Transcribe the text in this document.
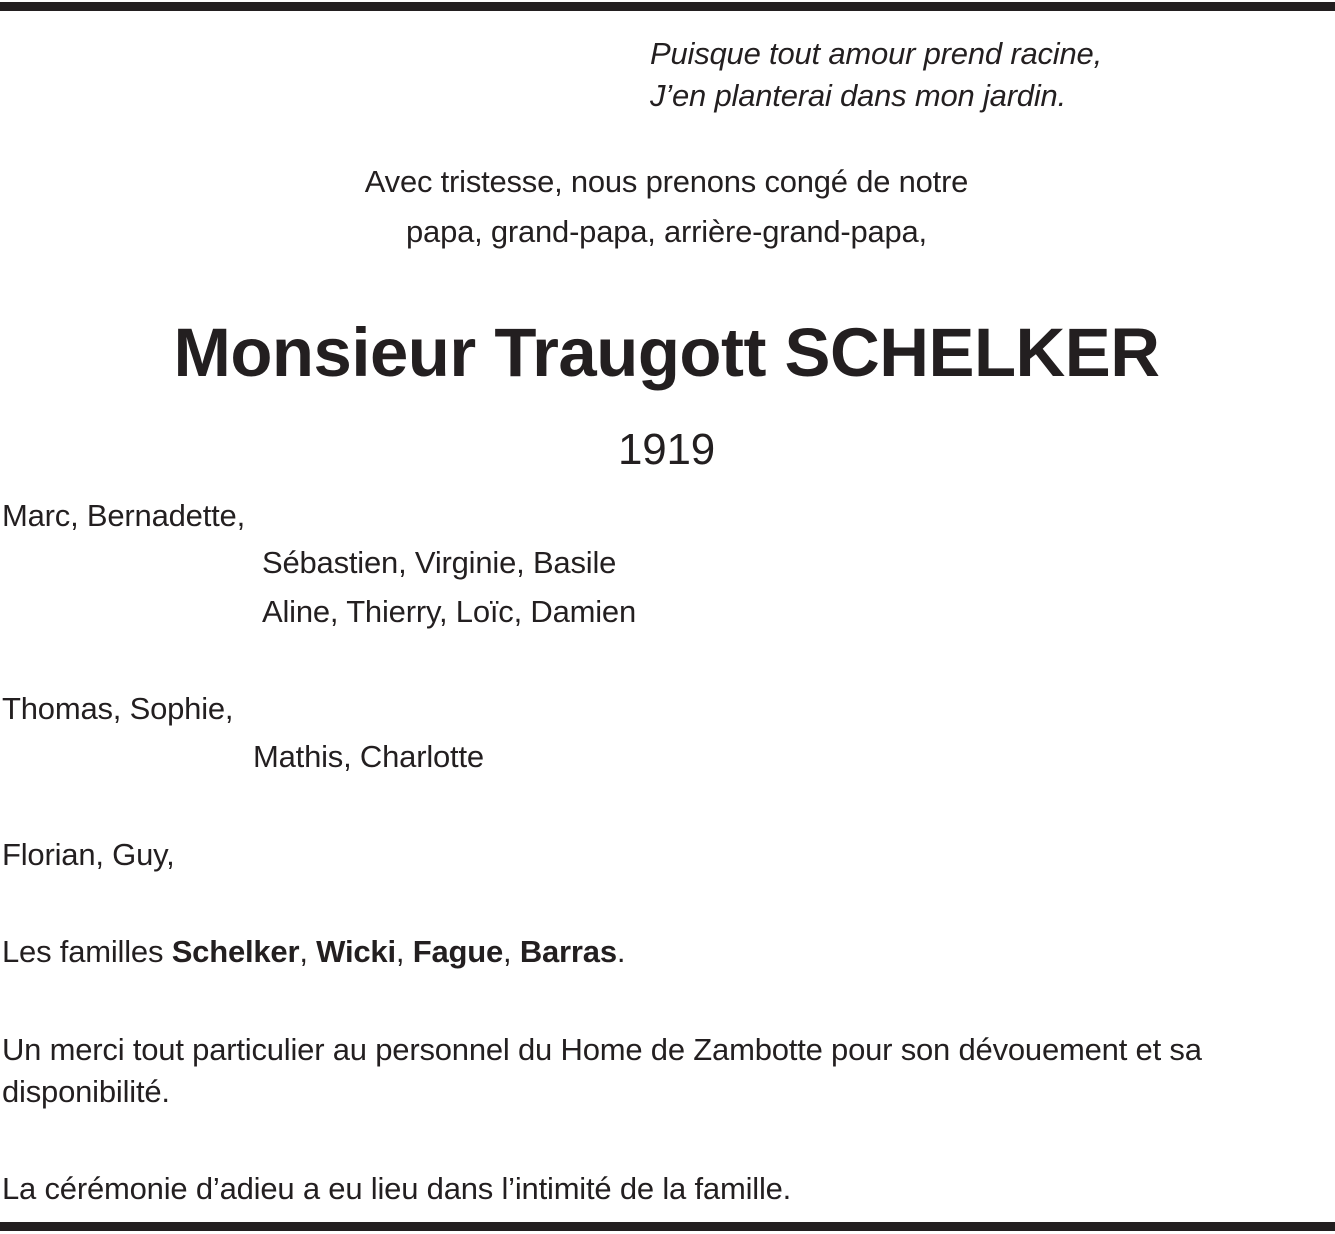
Puisque tout amour prend racine,
J’en planterai dans mon jardin.
Avec tristesse, nous prenons congé de notre
papa, grand-papa, arrière-grand-papa,
Monsieur Traugott SCHELKER
1919
Marc, Bernadette,
Sébastien, Virginie, Basile
Aline, Thierry, Loïc, Damien
Thomas, Sophie,
Mathis, Charlotte
Florian, Guy,
Les familles Schelker, Wicki, Fague, Barras.
Un merci tout particulier au personnel du Home de Zambotte pour son dévouement et sa
disponibilité.
La cérémonie d’adieu a eu lieu dans l’intimité de la famille.
